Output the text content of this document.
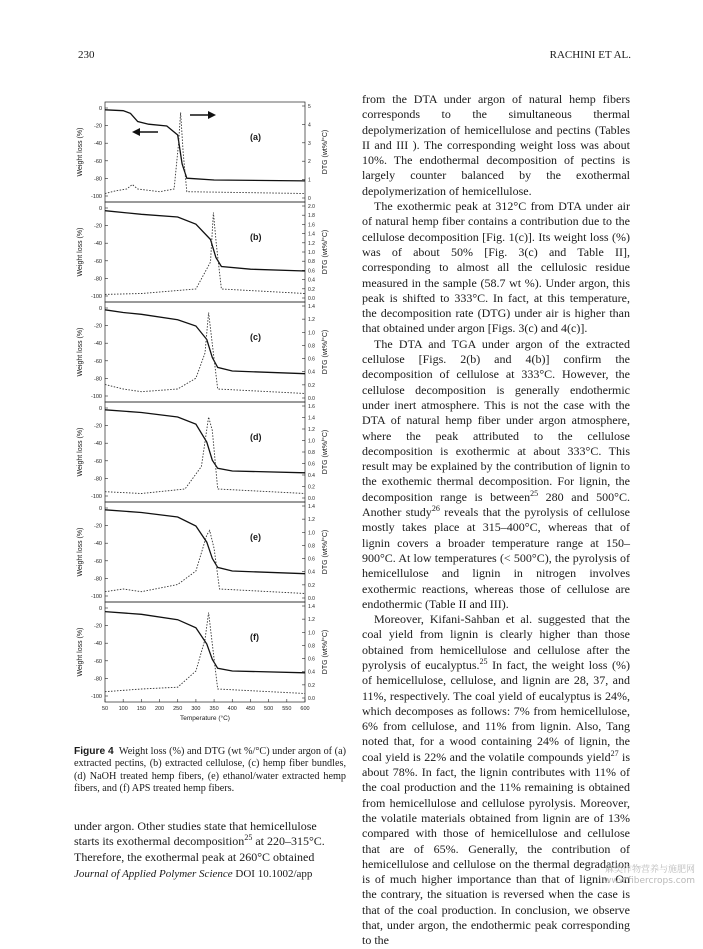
230	RACHINI ET AL.
0
-20
-40
-60
-80
-100
5
4
3
2
1
0
(a)
Weight loss (%)	DTG (wt%/°C)
0
-20
-40
-60
-80
-100
2.0
1.8
1.6
1.4
1.2
1.0
0.8
0.6
0.4
0.2
0.0
(b)
Weight loss (%)	DTG (wt%/°C)
0
-20
-40
-60
-80
-100
1.4
1.2
1.0
0.8
0.6
0.4
0.2
0.0
(c)
Weight loss (%)	DTG (wt%/°C)
0
-20
-40
-60
-80
-100
1.6
1.4
1.2
1.0
0.8
0.6
0.4
0.2
0.0
(d)
Weight loss (%)	DTG (wt%/°C)
0
-20
-40
-60
-80
-100
1.4
1.2
1.0
0.8
0.6
0.4
0.2
0.0
(e)
Weight loss (%)	DTG (wt%/°C)
0
-20
-40
-60
-80
-100
1.4
1.2
1.0
0.8
0.6
0.4
0.2
0.0
(f)
Weight loss (%)	DTG (wt%/°C)
50 100 150 200 250 300 350 400 450 500 550 600
Temperature (°C)
Figure 4 Weight loss (%) and DTG (wt %/°C) under argon of (a) extracted pectins, (b) extracted cellulose, (c) hemp fiber bundles, (d) NaOH treated hemp fibers, (e) ethanol/water extracted hemp fibers, and (f) APS treated hemp fibers.
under argon. Other studies state that hemicellulose
starts its exothermal decomposition$^{25}$ at 220–315°C.
Therefore, the exothermal peak at 260°C obtained

from the DTA under argon of natural hemp fibers corresponds to the simultaneous thermal depolymerization of hemicellulose and pectins (Tables II and III ). The corresponding weight loss was about 10%. The endothermal decomposition of pectins is largely counter balanced by the exothermal depolymerization of hemicellulose.

The exothermic peak at 312°C from DTA under air of natural hemp fiber contains a contribution due to the cellulose decomposition [Fig. 1(c)]. Its weight loss (%) was of about 50% [Fig. 3(c) and Table II], corresponding to almost all the cellulosic residue measured in the sample (58.7 wt %). Under argon, this peak is shifted to 333°C. In fact, at this temperature, the decomposition rate (DTG) under air is higher than that obtained under argon [Figs. 3(c) and 4(c)].

The DTA and TGA under argon of the extracted cellulose [Figs. 2(b) and 4(b)] confirm the decomposition of cellulose at 333°C. However, the cellulose decomposition is generally endothermic under inert atmosphere. This is not the case with the DTA of natural hemp fiber under argon atmosphere, where the peak attributed to the cellulose decomposition is exothermic at about 333°C. This result may be explained by the contribution of lignin to the exothemic thermal decomposition. For lignin, the decomposition range is between$^{25}$ 280 and 500°C. Another study$^{26}$ reveals that the pyrolysis of cellulose mostly takes place at 315–400°C, whereas that of lignin covers a broader temperature range at 150–900°C. At low temperatures (< 500°C), the pyrolysis of hemicellulose and lignin in nitrogen involves exothermic reactions, whereas those of cellulose are endothermic (Table II and III).

Moreover, Kifani-Sahban et al. suggested that the coal yield from lignin is clearly higher than those obtained from hemicellulose and cellulose after the pyrolysis of eucalyptus.$^{25}$ In fact, the weight loss (%) of hemicellulose, cellulose, and lignin are 28, 37, and 11%, respectively. The coal yield of eucalyptus is 24%, which decomposes as follows: 7% from hemicellulose, 6% from cellulose, and 11% from lignin. Also, Tang noted that, for a wood containing 24% of lignin, the coal yield is 22% and the volatile compounds yield$^{27}$ is about 78%. In fact, the lignin contributes with 11% of the coal production and the 11% remaining is obtained from hemicellulose and cellulose pyrolysis. Moreover, the volatile materials obtained from lignin are of 13% compared with those of hemicellulose and cellulose that are of 65%. Generally, the contribution of hemicellulose and cellulose on the thermal degradation is of much higher importance than that of lignin. On the contrary, the situation is reversed when the case is that of the coal production. In conclusion, we observe that, under argon, the endothermic peak corresponding to the

Journal of Applied Polymer Science DOI 10.1002/app	麻类作物营养与施肥网
www.fibercrops.com
